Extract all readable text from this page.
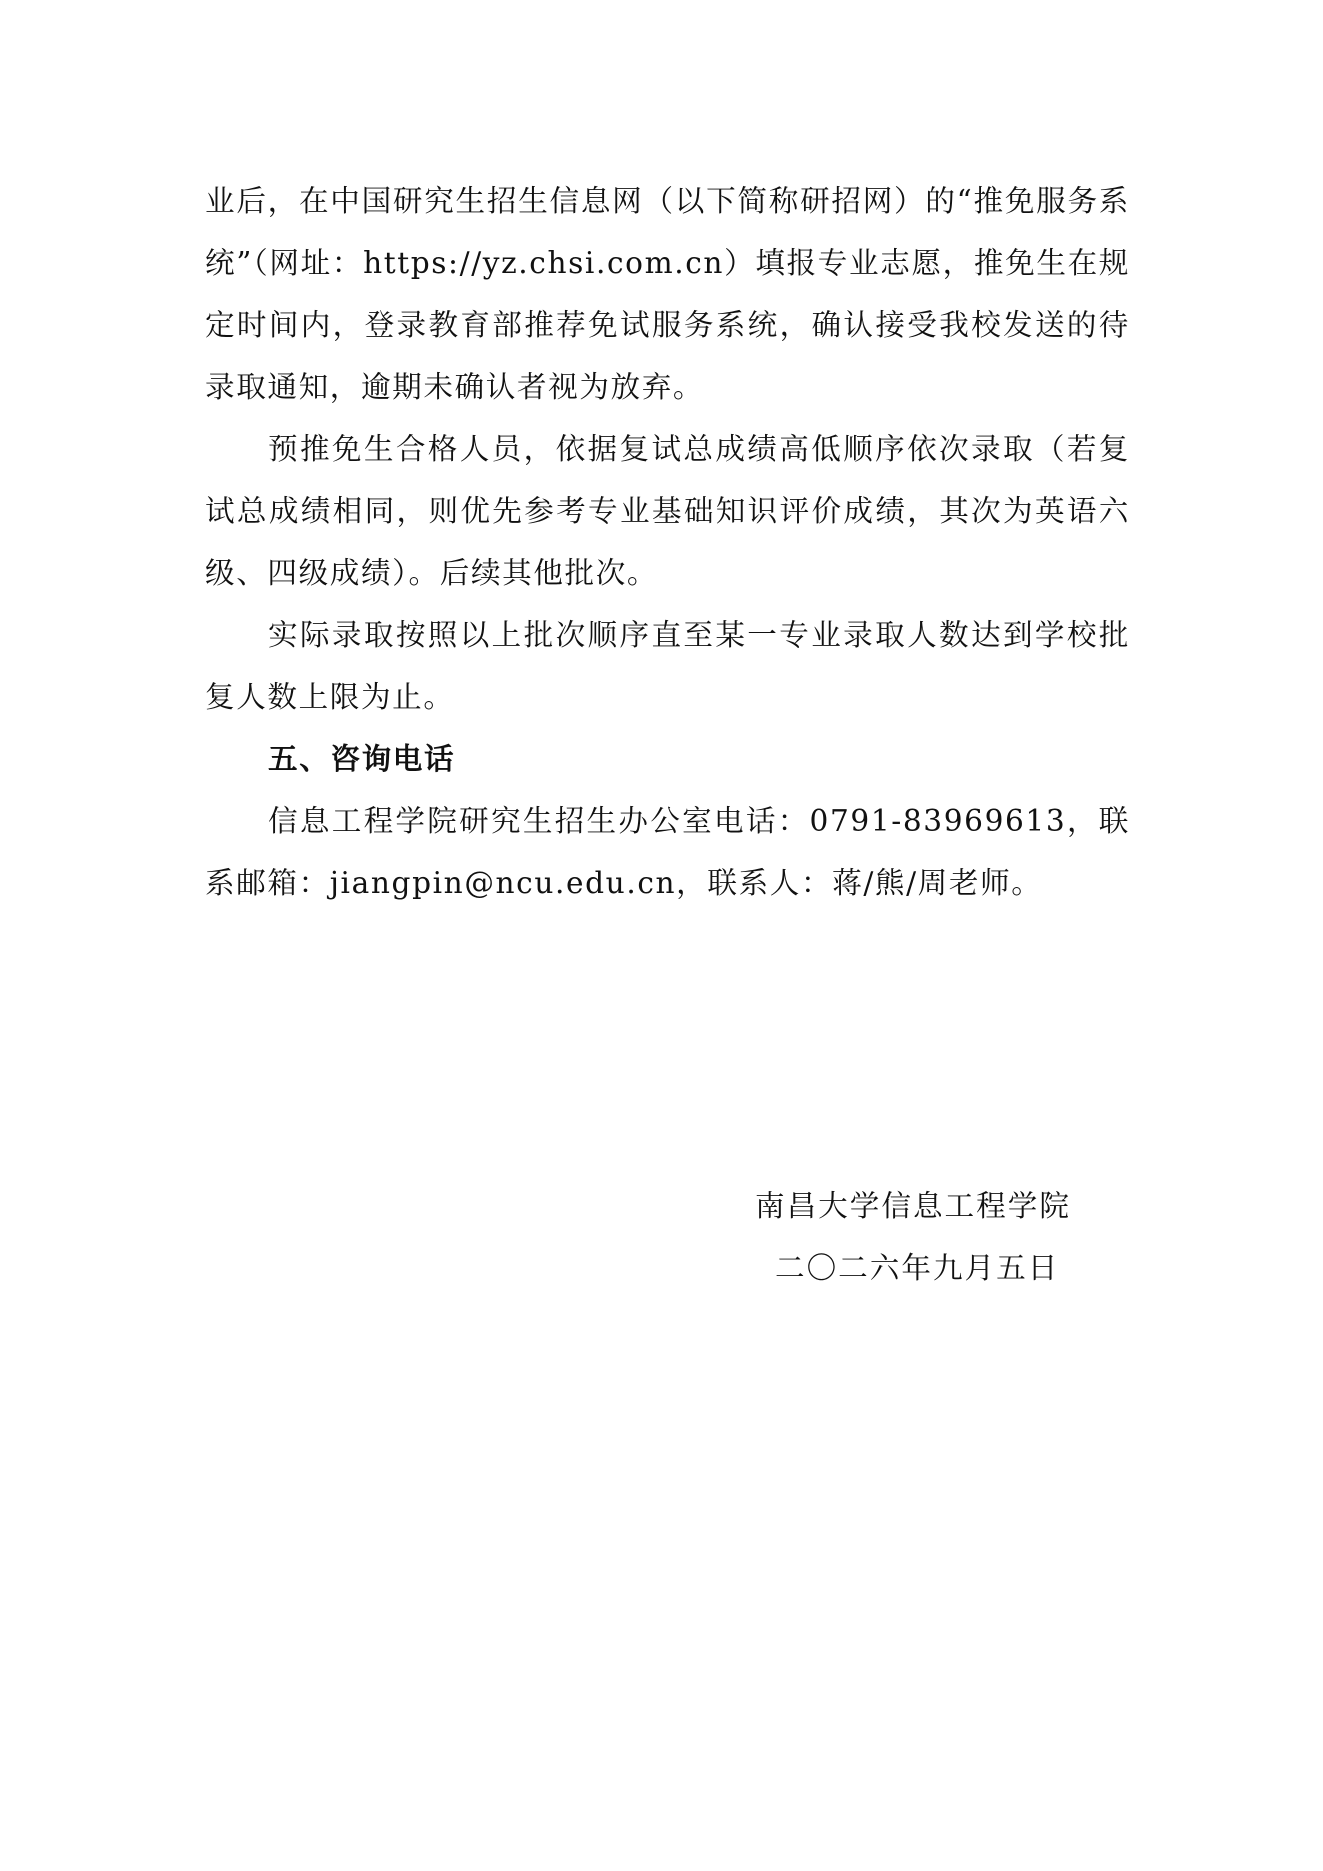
业后，在中国研究生招生信息网（以下简称研招网）的“推免服务系统”（网址：https://yz.chsi.com.cn）填报专业志愿，推免生在规定时间内，登录教育部推荐免试服务系统，确认接受我校发送的待录取通知，逾期未确认者视为放弃。

预推免生合格人员，依据复试总成绩高低顺序依次录取（若复试总成绩相同，则优先参考专业基础知识评价成绩，其次为英语六级、四级成绩）。后续其他批次。

实际录取按照以上批次顺序直至某一专业录取人数达到学校批复人数上限为止。

五、咨询电话

信息工程学院研究生招生办公室电话：0791-83969613，联系邮箱：jiangpin@ncu.edu.cn，联系人：蒋/熊/周老师。

南昌大学信息工程学院

二〇二六年九月五日
